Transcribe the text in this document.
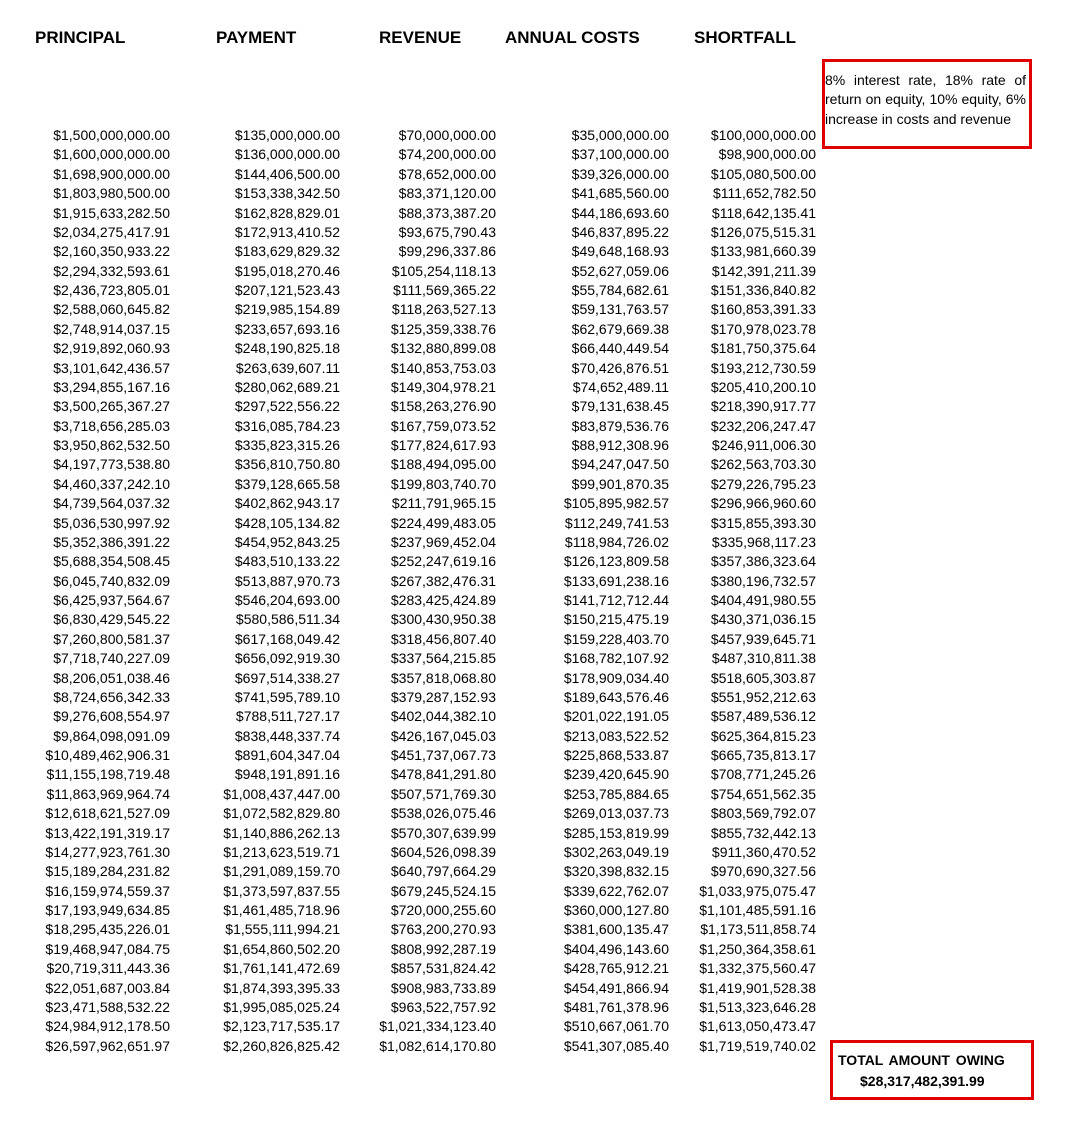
PRINCIPAL	PAYMENT	REVENUE	ANNUAL COSTS	SHORTFALL
8% interest rate, 18% rate of return on equity, 10% equity, 6% increase in costs and revenue
$1,500,000,000.00	$135,000,000.00	$70,000,000.00	$35,000,000.00	$100,000,000.00
$1,600,000,000.00	$136,000,000.00	$74,200,000.00	$37,100,000.00	$98,900,000.00
$1,698,900,000.00	$144,406,500.00	$78,652,000.00	$39,326,000.00	$105,080,500.00
$1,803,980,500.00	$153,338,342.50	$83,371,120.00	$41,685,560.00	$111,652,782.50
$1,915,633,282.50	$162,828,829.01	$88,373,387.20	$44,186,693.60	$118,642,135.41
$2,034,275,417.91	$172,913,410.52	$93,675,790.43	$46,837,895.22	$126,075,515.31
$2,160,350,933.22	$183,629,829.32	$99,296,337.86	$49,648,168.93	$133,981,660.39
$2,294,332,593.61	$195,018,270.46	$105,254,118.13	$52,627,059.06	$142,391,211.39
$2,436,723,805.01	$207,121,523.43	$111,569,365.22	$55,784,682.61	$151,336,840.82
$2,588,060,645.82	$219,985,154.89	$118,263,527.13	$59,131,763.57	$160,853,391.33
$2,748,914,037.15	$233,657,693.16	$125,359,338.76	$62,679,669.38	$170,978,023.78
$2,919,892,060.93	$248,190,825.18	$132,880,899.08	$66,440,449.54	$181,750,375.64
$3,101,642,436.57	$263,639,607.11	$140,853,753.03	$70,426,876.51	$193,212,730.59
$3,294,855,167.16	$280,062,689.21	$149,304,978.21	$74,652,489.11	$205,410,200.10
$3,500,265,367.27	$297,522,556.22	$158,263,276.90	$79,131,638.45	$218,390,917.77
$3,718,656,285.03	$316,085,784.23	$167,759,073.52	$83,879,536.76	$232,206,247.47
$3,950,862,532.50	$335,823,315.26	$177,824,617.93	$88,912,308.96	$246,911,006.30
$4,197,773,538.80	$356,810,750.80	$188,494,095.00	$94,247,047.50	$262,563,703.30
$4,460,337,242.10	$379,128,665.58	$199,803,740.70	$99,901,870.35	$279,226,795.23
$4,739,564,037.32	$402,862,943.17	$211,791,965.15	$105,895,982.57	$296,966,960.60
$5,036,530,997.92	$428,105,134.82	$224,499,483.05	$112,249,741.53	$315,855,393.30
$5,352,386,391.22	$454,952,843.25	$237,969,452.04	$118,984,726.02	$335,968,117.23
$5,688,354,508.45	$483,510,133.22	$252,247,619.16	$126,123,809.58	$357,386,323.64
$6,045,740,832.09	$513,887,970.73	$267,382,476.31	$133,691,238.16	$380,196,732.57
$6,425,937,564.67	$546,204,693.00	$283,425,424.89	$141,712,712.44	$404,491,980.55
$6,830,429,545.22	$580,586,511.34	$300,430,950.38	$150,215,475.19	$430,371,036.15
$7,260,800,581.37	$617,168,049.42	$318,456,807.40	$159,228,403.70	$457,939,645.71
$7,718,740,227.09	$656,092,919.30	$337,564,215.85	$168,782,107.92	$487,310,811.38
$8,206,051,038.46	$697,514,338.27	$357,818,068.80	$178,909,034.40	$518,605,303.87
$8,724,656,342.33	$741,595,789.10	$379,287,152.93	$189,643,576.46	$551,952,212.63
$9,276,608,554.97	$788,511,727.17	$402,044,382.10	$201,022,191.05	$587,489,536.12
$9,864,098,091.09	$838,448,337.74	$426,167,045.03	$213,083,522.52	$625,364,815.23
$10,489,462,906.31	$891,604,347.04	$451,737,067.73	$225,868,533.87	$665,735,813.17
$11,155,198,719.48	$948,191,891.16	$478,841,291.80	$239,420,645.90	$708,771,245.26
$11,863,969,964.74	$1,008,437,447.00	$507,571,769.30	$253,785,884.65	$754,651,562.35
$12,618,621,527.09	$1,072,582,829.80	$538,026,075.46	$269,013,037.73	$803,569,792.07
$13,422,191,319.17	$1,140,886,262.13	$570,307,639.99	$285,153,819.99	$855,732,442.13
$14,277,923,761.30	$1,213,623,519.71	$604,526,098.39	$302,263,049.19	$911,360,470.52
$15,189,284,231.82	$1,291,089,159.70	$640,797,664.29	$320,398,832.15	$970,690,327.56
$16,159,974,559.37	$1,373,597,837.55	$679,245,524.15	$339,622,762.07	$1,033,975,075.47
$17,193,949,634.85	$1,461,485,718.96	$720,000,255.60	$360,000,127.80	$1,101,485,591.16
$18,295,435,226.01	$1,555,111,994.21	$763,200,270.93	$381,600,135.47	$1,173,511,858.74
$19,468,947,084.75	$1,654,860,502.20	$808,992,287.19	$404,496,143.60	$1,250,364,358.61
$20,719,311,443.36	$1,761,141,472.69	$857,531,824.42	$428,765,912.21	$1,332,375,560.47
$22,051,687,003.84	$1,874,393,395.33	$908,983,733.89	$454,491,866.94	$1,419,901,528.38
$23,471,588,532.22	$1,995,085,025.24	$963,522,757.92	$481,761,378.96	$1,513,323,646.28
$24,984,912,178.50	$2,123,717,535.17	$1,021,334,123.40	$510,667,061.70	$1,613,050,473.47
$26,597,962,651.97	$2,260,826,825.42	$1,082,614,170.80	$541,307,085.40	$1,719,519,740.02
TOTAL AMOUNT OWING
$28,317,482,391.99
